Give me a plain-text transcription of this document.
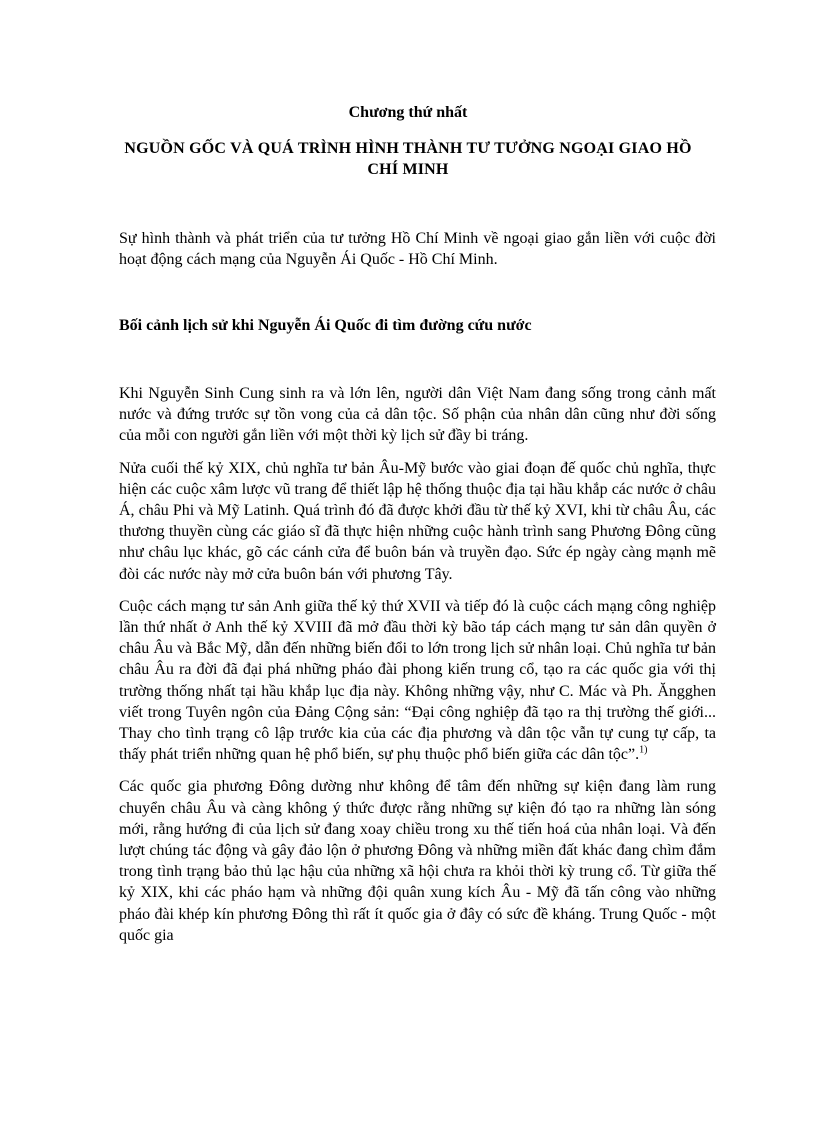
Chương thứ nhất
NGUỒN GỐC VÀ QUÁ TRÌNH HÌNH THÀNH TƯ TƯỞNG NGOẠI GIAO HỒ CHÍ MINH
Sự hình thành và phát triển của tư tưởng Hồ Chí Minh về ngoại giao gắn liền với cuộc đời hoạt động cách mạng của Nguyễn Ái Quốc - Hồ Chí Minh.
Bối cảnh lịch sử khi Nguyễn Ái Quốc đi tìm đường cứu nước

Khi Nguyễn Sinh Cung sinh ra và lớn lên, người dân Việt Nam đang sống trong cảnh mất nước và đứng trước sự tồn vong của cả dân tộc. Số phận của nhân dân cũng như đời sống của mỗi con người gắn liền với một thời kỳ lịch sử đầy bi tráng.

Nửa cuối thế kỷ XIX, chủ nghĩa tư bản Âu-Mỹ bước vào giai đoạn đế quốc chủ nghĩa, thực hiện các cuộc xâm lược vũ trang để thiết lập hệ thống thuộc địa tại hầu khắp các nước ở châu Á, châu Phi và Mỹ Latinh. Quá trình đó đã được khởi đầu từ thế kỷ XVI, khi từ châu Âu, các thương thuyền cùng các giáo sĩ đã thực hiện những cuộc hành trình sang Phương Đông cũng như châu lục khác, gõ các cánh cửa để buôn bán và truyền đạo. Sức ép ngày càng mạnh mẽ đòi các nước này mở cửa buôn bán với phương Tây.

Cuộc cách mạng tư sản Anh giữa thế kỷ thứ XVII và tiếp đó là cuộc cách mạng công nghiệp lần thứ nhất ở Anh thế kỷ XVIII đã mở đầu thời kỳ bão táp cách mạng tư sản dân quyền ở châu Âu và Bắc Mỹ, dẫn đến những biến đổi to lớn trong lịch sử nhân loại. Chủ nghĩa tư bản châu Âu ra đời đã đại phá những pháo đài phong kiến trung cổ, tạo ra các quốc gia với thị trường thống nhất tại hầu khắp lục địa này. Không những vậy, như C. Mác và Ph. Ăngghen viết trong Tuyên ngôn của Đảng Cộng sản: “Đại công nghiệp đã tạo ra thị trường thế giới... Thay cho tình trạng cô lập trước kia của các địa phương và dân tộc vẫn tự cung tự cấp, ta thấy phát triển những quan hệ phổ biến, sự phụ thuộc phổ biến giữa các dân tộc”.$^{1)}$

Các quốc gia phương Đông dường như không để tâm đến những sự kiện đang làm rung chuyển châu Âu và càng không ý thức được rằng những sự kiện đó tạo ra những làn sóng mới, rằng hướng đi của lịch sử đang xoay chiều trong xu thế tiến hoá của nhân loại. Và đến lượt chúng tác động và gây đảo lộn ở phương Đông và những miền đất khác đang chìm đắm trong tình trạng bảo thủ lạc hậu của những xã hội chưa ra khỏi thời kỳ trung cổ. Từ giữa thế kỷ XIX, khi các pháo hạm và những đội quân xung kích Âu - Mỹ đã tấn công vào những pháo đài khép kín phương Đông thì rất ít quốc gia ở đây có sức đề kháng. Trung Quốc - một quốc gia
